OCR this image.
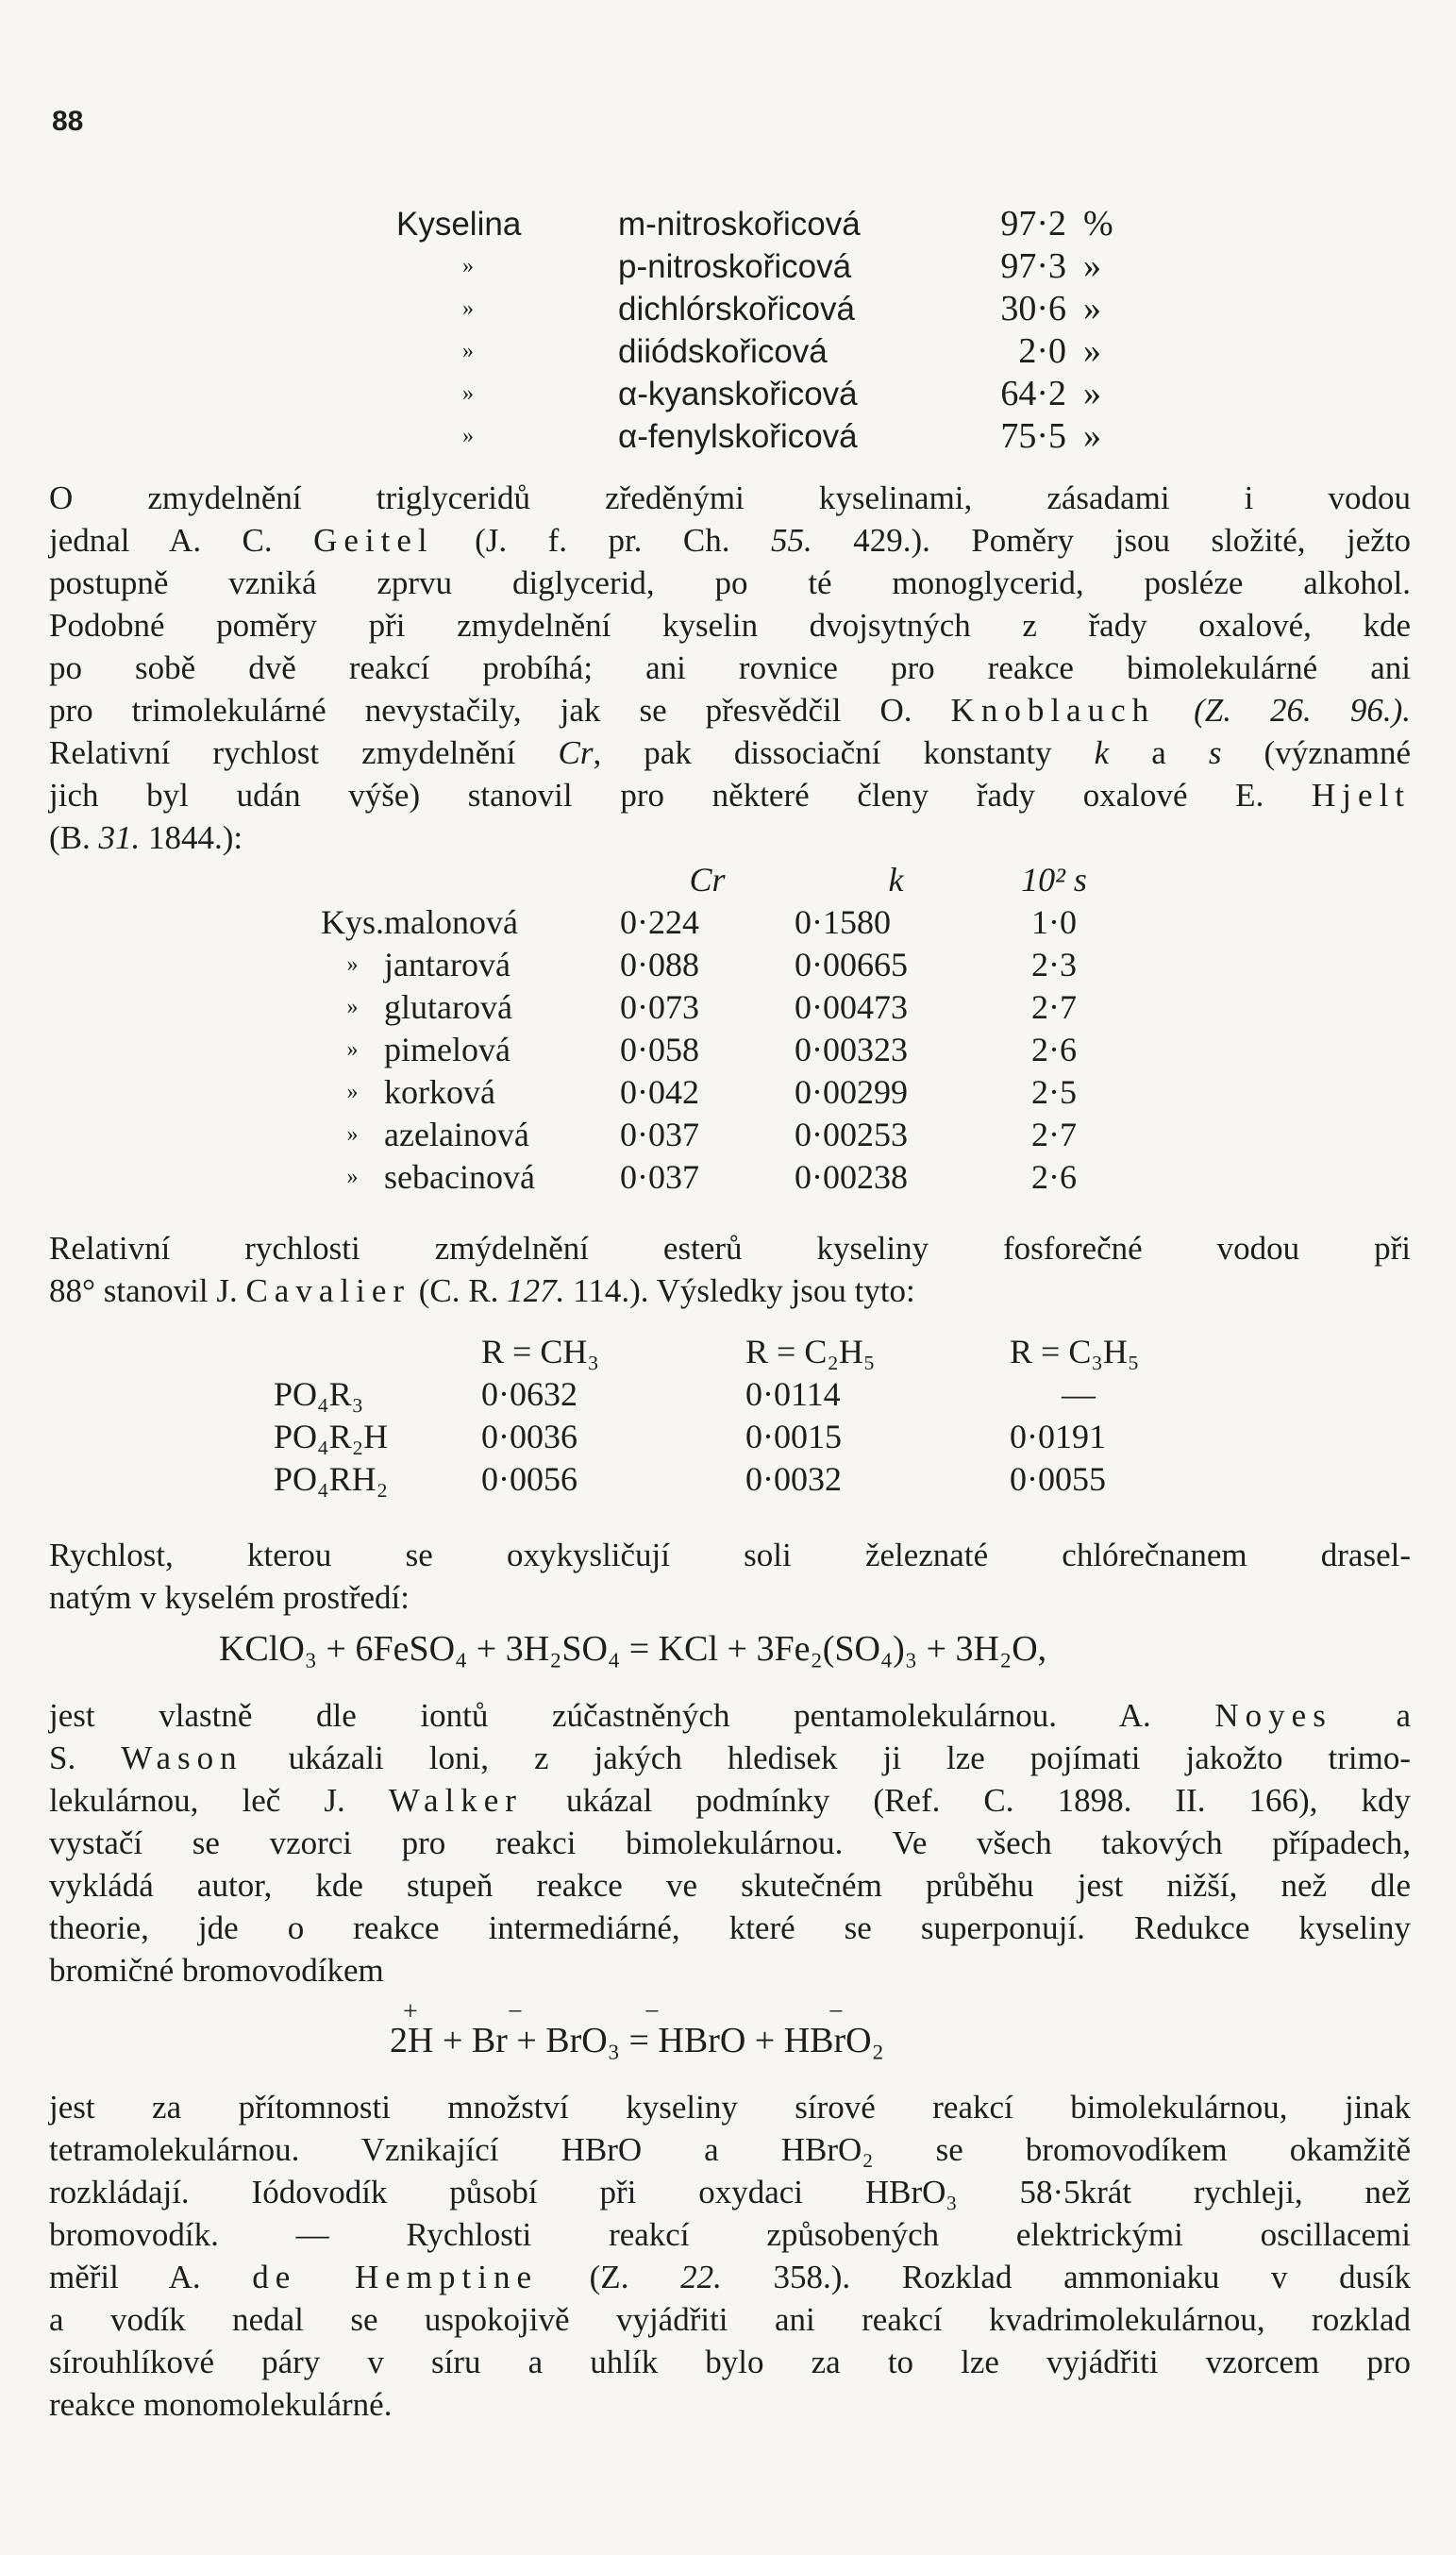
88
Kyselina	m-nitroskořicová	97·2	%
»	p-nitroskořicová	97·3	»
»	dichlórskořicová	30·6	»
»	diiódskořicová	2·0	»
»	α-kyanskořicová	64·2	»
»	α-fenylskořicová	75·5	»
O zmydelnění triglyceridů zředěnými kyselinami, zásadami i vodou
jednal A. C. Geitel (J. f. pr. Ch. 55. 429.). Poměry jsou složité, ježto
postupně vzniká zprvu diglycerid, po té monoglycerid, posléze alkohol.
Podobné poměry při zmydelnění kyselin dvojsytných z řady oxalové, kde
po sobě dvě reakcí probíhá; ani rovnice pro reakce bimolekulárné ani
pro trimolekulárné nevystačily, jak se přesvědčil O. Knoblauch (Z. 26. 96.).
Relativní rychlost zmydelnění Cr, pak dissociační konstanty k a s (významné
jich byl udán výše) stanovil pro některé členy řady oxalové E. Hjelt
(B. 31. 1844.):
		Cr	k	10² s
Kys.	malonová	0·224	0·1580	1·0
»	jantarová	0·088	0·00665	2·3
»	glutarová	0·073	0·00473	2·7
»	pimelová	0·058	0·00323	2·6
»	korková	0·042	0·00299	2·5
»	azelainová	0·037	0·00253	2·7
»	sebacinová	0·037	0·00238	2·6
Relativní rychlosti zmýdelnění esterů kyseliny fosforečné vodou při
88° stanovil J. Cavalier (C. R. 127. 114.). Výsledky jsou tyto:
	R = CH₃	R = C₂H₅	R = C₃H₅
PO₄R₃	0·0632	0·0114	—
PO₄R₂H	0·0036	0·0015	0·0191
PO₄RH₂	0·0056	0·0032	0·0055
Rychlost, kterou se oxykysličují soli železnaté chlórečnanem drasel-
natým v kyselém prostředí:
KClO₃ + 6FeSO₄ + 3H₂SO₄ = KCl + 3Fe₂(SO₄)₃ + 3H₂O,
jest vlastně dle iontů zúčastněných pentamolekulárnou. A. Noyes a
S. Wason ukázali loni, z jakých hledisek ji lze pojímati jakožto trimo-
lekulárnou, leč J. Walker ukázal podmínky (Ref. C. 1898. II. 166), kdy
vystačí se vzorci pro reakci bimolekulárnou. Ve všech takových případech,
vykládá autor, kde stupeň reakce ve skutečném průběhu jest nižší, než dle
theorie, jde o reakce intermediárné, které se superponují. Redukce kyseliny
bromičné bromovodíkem
+	−	−	−
2H + Br + BrO₃ = HBrO + HBrO₂
jest za přítomnosti množství kyseliny sírové reakcí bimolekulárnou, jinak
tetramolekulárnou. Vznikající HBrO a HBrO₂ se bromovodíkem okamžitě
rozkládají. Iódovodík působí při oxydaci HBrO₃ 58·5krát rychleji, než
bromovodík. — Rychlosti reakcí způsobených elektrickými oscillacemi
měřil A. de Hemptine (Z. 22. 358.). Rozklad ammoniaku v dusík
a vodík nedal se uspokojivě vyjádřiti ani reakcí kvadrimolekulárnou, rozklad
sírouhlíkové páry v síru a uhlík bylo za to lze vyjádřiti vzorcem pro
reakce monomolekulárné.
